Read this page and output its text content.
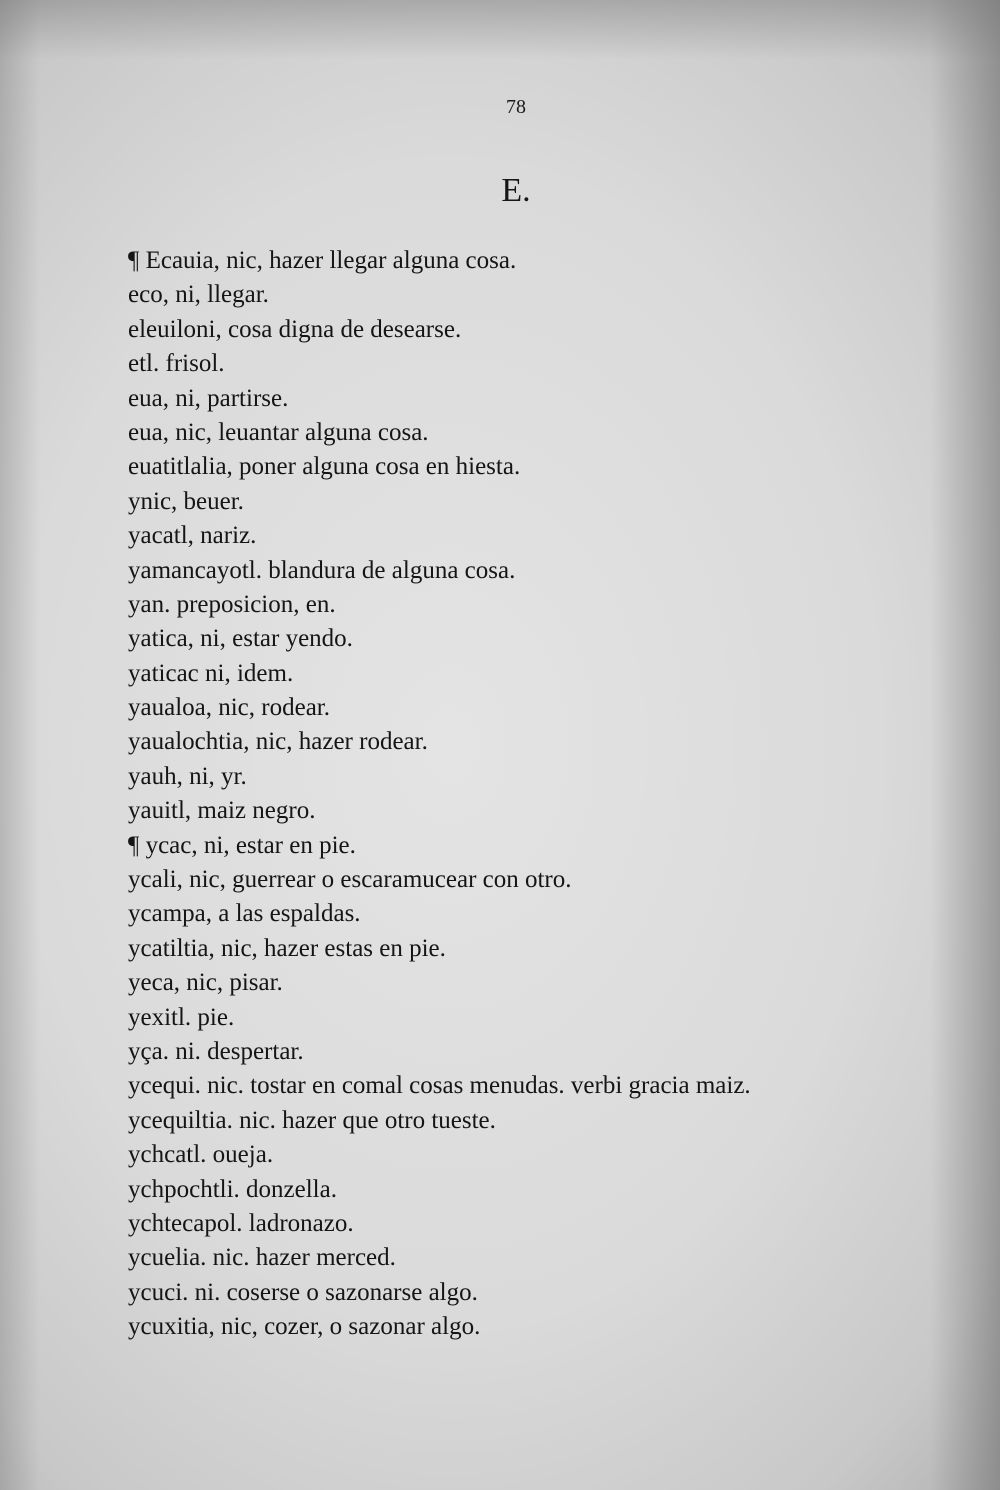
78
E.
¶ Ecauia, nic, hazer llegar alguna cosa.
eco, ni, llegar.
eleuiloni, cosa digna de desearse.
etl. frisol.
eua, ni, partirse.
eua, nic, leuantar alguna cosa.
euatitlalia, poner alguna cosa en hiesta.
ynic, beuer.
yacatl, nariz.
yamancayotl. blandura de alguna cosa.
yan. preposicion, en.
yatica, ni, estar yendo.
yaticac ni, idem.
yaualoa, nic, rodear.
yaualochtia, nic, hazer rodear.
yauh, ni, yr.
yauitl, maiz negro.
¶ ycac, ni, estar en pie.
ycali, nic, guerrear o escaramucear con otro.
ycampa, a las espaldas.
ycatiltia, nic, hazer estas en pie.
yeca, nic, pisar.
yexitl. pie.
yça. ni. despertar.
ycequi. nic. tostar en comal cosas menudas. verbi gracia maiz.
ycequiltia. nic. hazer que otro tueste.
ychcatl. oueja.
ychpochtli. donzella.
ychtecapol. ladronazo.
ycuelia. nic. hazer merced.
ycuci. ni. coserse o sazonarse algo.
ycuxitia, nic, cozer, o sazonar algo.
